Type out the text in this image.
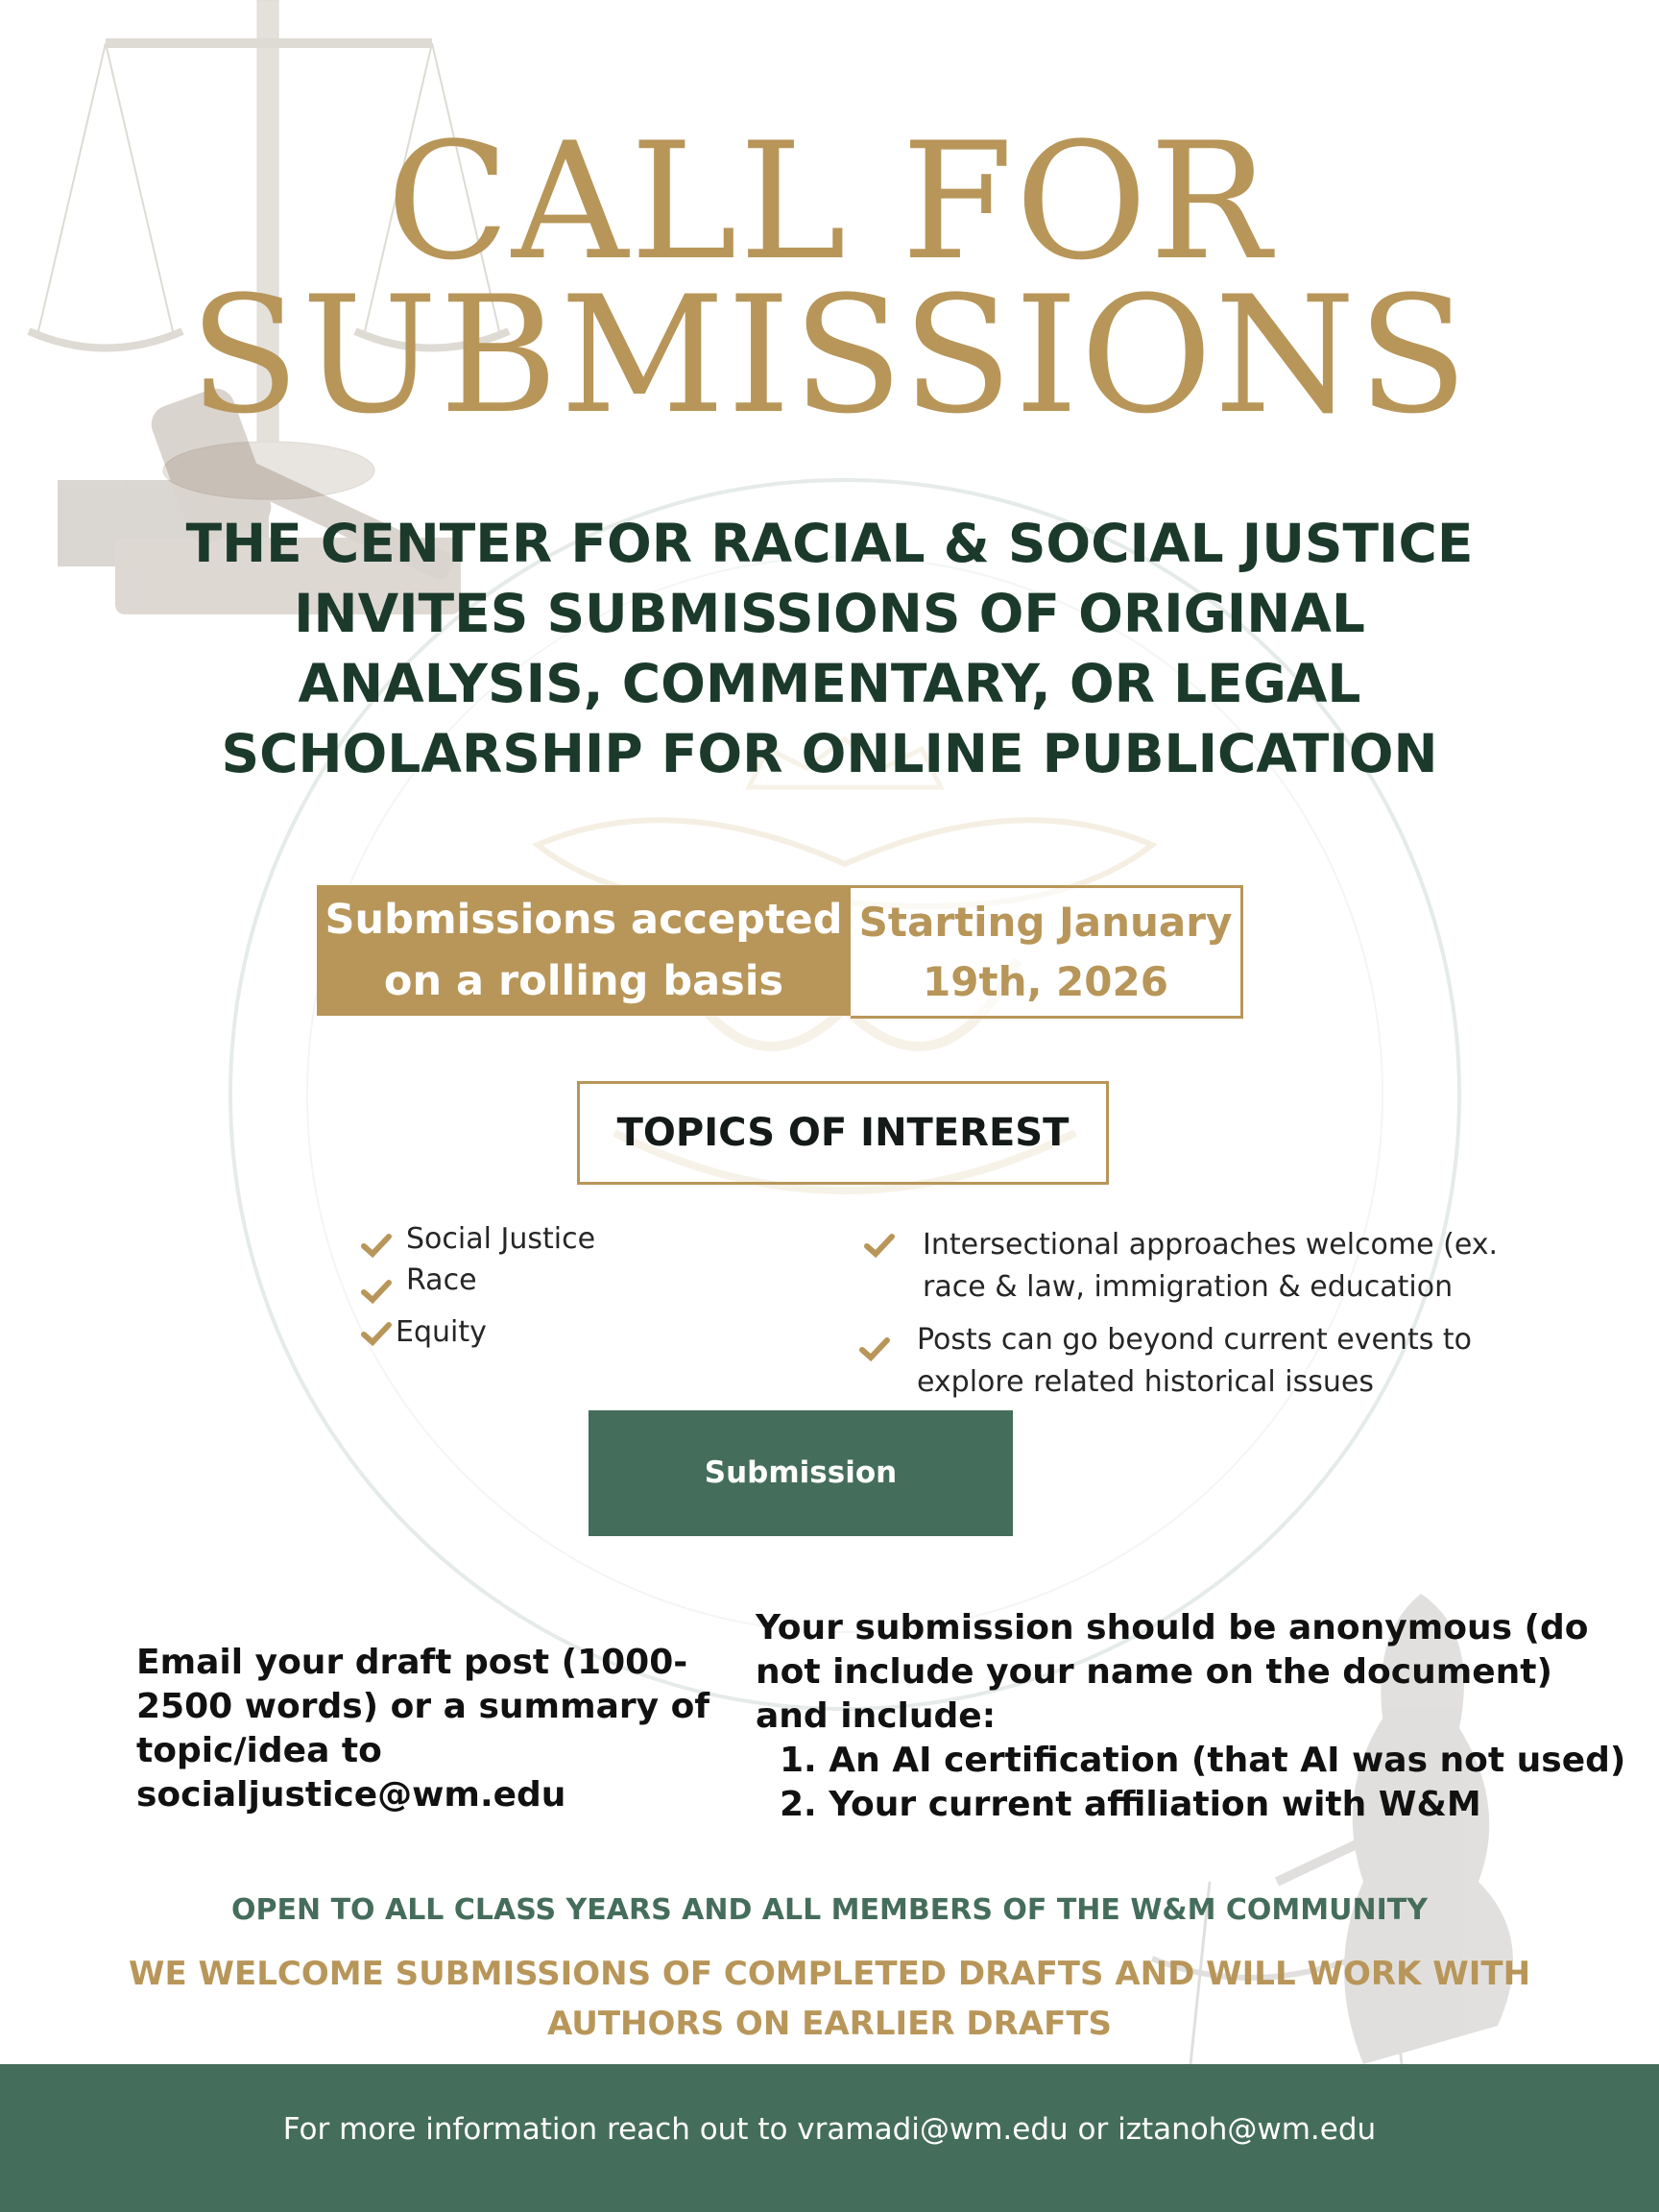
CALL FOR
SUBMISSIONS
THE CENTER FOR RACIAL & SOCIAL JUSTICE
INVITES SUBMISSIONS OF ORIGINAL
ANALYSIS, COMMENTARY, OR LEGAL
SCHOLARSHIP FOR ONLINE PUBLICATION
Submissions accepted
on a rolling basis
Starting January
19th, 2026
TOPICS OF INTEREST
Social Justice
Race
Equity
Intersectional approaches welcome (ex.
race & law, immigration & education
Posts can go beyond current events to
explore related historical issues
Submission Requirements
Email your draft post (1000-
2500 words) or a summary of
topic/idea to
socialjustice@wm.edu
Your submission should be anonymous (do
not include your name on the document)
and include:
1. An AI certification (that AI was not used)
2. Your current affiliation with W&M
OPEN TO ALL CLASS YEARS AND ALL MEMBERS OF THE W&M COMMUNITY
WE WELCOME SUBMISSIONS OF COMPLETED DRAFTS AND WILL WORK WITH
AUTHORS ON EARLIER DRAFTS
For more information reach out to vramadi@wm.edu or iztanoh@wm.edu
